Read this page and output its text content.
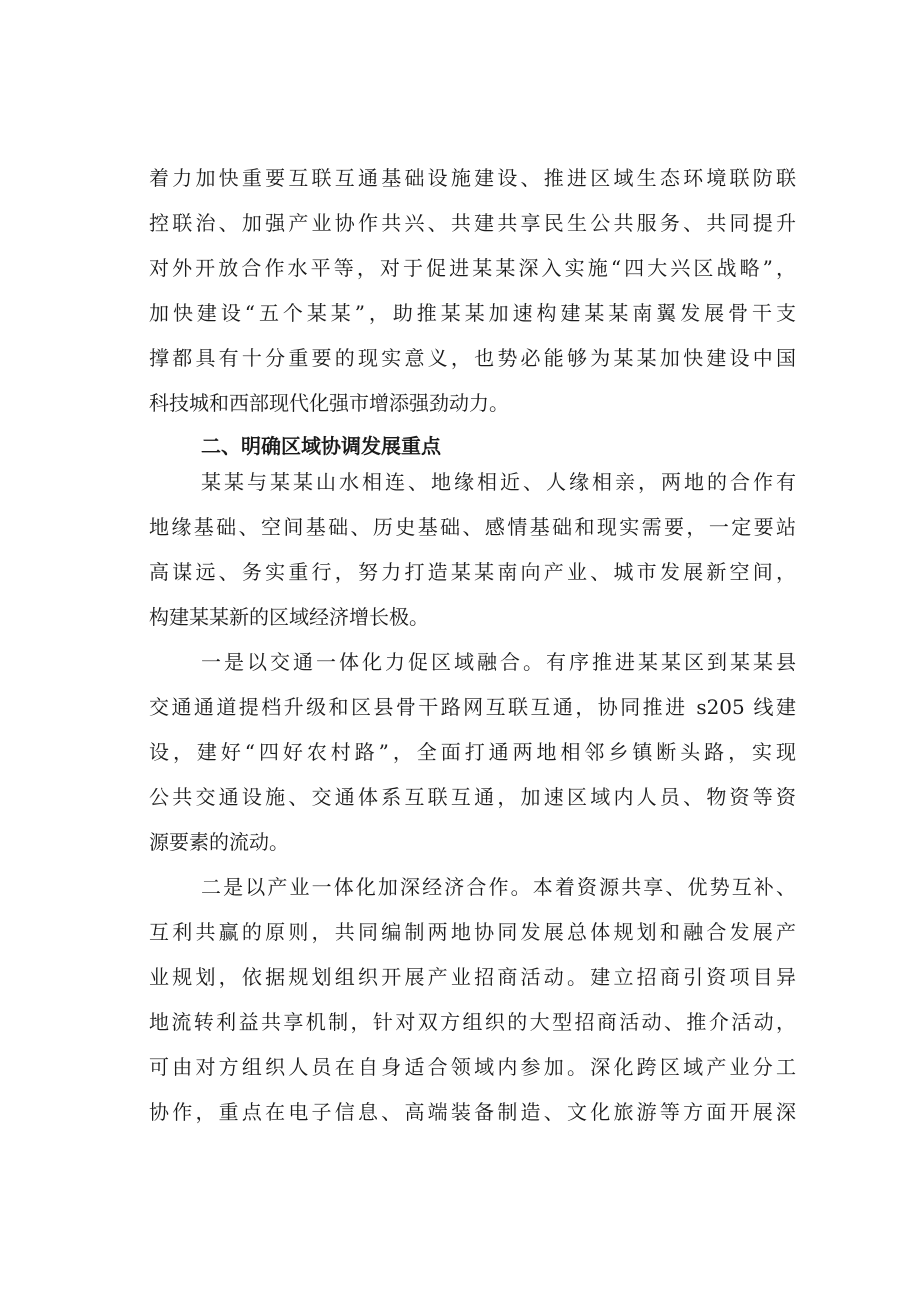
着力加快重要互联互通基础设施建设、推进区域生态环境联防联
控联治、加强产业协作共兴、共建共享民生公共服务、共同提升
对外开放合作水平等，对于促进某某深入实施“四大兴区战略”，
加快建设“五个某某”，助推某某加速构建某某南翼发展骨干支
撑都具有十分重要的现实意义，也势必能够为某某加快建设中国
科技城和西部现代化强市增添强劲动力。
二、明确区域协调发展重点
某某与某某山水相连、地缘相近、人缘相亲，两地的合作有
地缘基础、空间基础、历史基础、感情基础和现实需要，一定要站
高谋远、务实重行，努力打造某某南向产业、城市发展新空间，
构建某某新的区域经济增长极。
一是以交通一体化力促区域融合。有序推进某某区到某某县
交通通道提档升级和区县骨干路网互联互通，协同推进 s205 线建
设，建好“四好农村路”，全面打通两地相邻乡镇断头路，实现
公共交通设施、交通体系互联互通，加速区域内人员、物资等资
源要素的流动。
二是以产业一体化加深经济合作。本着资源共享、优势互补、
互利共赢的原则，共同编制两地协同发展总体规划和融合发展产
业规划，依据规划组织开展产业招商活动。建立招商引资项目异
地流转利益共享机制，针对双方组织的大型招商活动、推介活动，
可由对方组织人员在自身适合领域内参加。深化跨区域产业分工
协作，重点在电子信息、高端装备制造、文化旅游等方面开展深
